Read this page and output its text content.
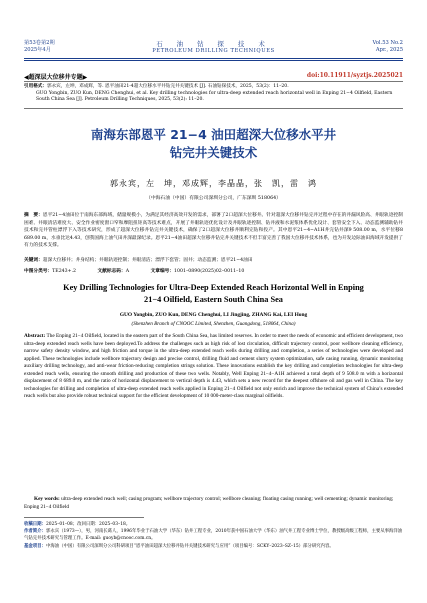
第53卷第2期
2025年4月
石 油 钻 探 技 术
PETROLEUM DRILLING TECHNIQUES
Vol.53 No.2
Apr., 2025
◀超深层大位移井专题▶	doi:10.11911/syztjs.2025021
引用格式：郭永宾，左坤，邓成辉，等. 恩平油田21-4超大位移水平井钻完井关键技术 [J]. 石油钻探技术，2025，53(2)：11–20.
GUO Yongbin, ZUO Kun, DENG Chenghui, et al. Key drilling technologies for ultra-deep extended reach horizontal well in Enping 21−4 Oilfield, Eastern South China Sea [J]. Petroleum Drilling Techniques, 2025, 53(2): 11–20.
南海东部恩平 21−4 油田超深大位移水平井
钻完井关键技术
郭永宾，左　坤，邓成辉，李晶晶，张　凯，雷　鸿
（中海石油（中国）有限公司深圳分公司，广东深圳 518064）
摘　要：恩平21−4油田位于南海东部海域，储量规模小，为满足其经济高效开发的需求，部署了2口超深大位移井。针对超深大位移井钻完井过程中存在的井漏风险高、井眼轨迹控制困难、井眼清洁难度大、安全作业密度窗口窄和摩阻扭矩高等技术难点，开展了井眼轨迹优化设计及井眼轨迹控制、钻井液和水泥浆体系优化设计、套管安全下入、动态监测辅助钻井技术和完井管柱漂浮下入等技术研究，形成了超深大位移井钻完井关键技术，确保了2口超深大位移井顺利完钻和投产。其中恩平21−4−A1H井完钻井深9 508.00 m，水平位移8 689.00 m，水垂比达4.43，创我国海上油气田井深最深纪录。恩平21−4油田超深大位移井钻完井关键技术不但丰富完善了我国大位移井技术体系，也为开发边际油田海域开发提供了有力的技术支撑。
关键词：超深大位移井；井身结构；井眼轨迹控制；井眼清洁；漂浮下套管；固井；动态监测；恩平21−4油田
中图分类号：TE243+.2	文献标志码：A	文章编号：1001–0890(2025)02–0011–10
Key Drilling Technologies for Ultra-Deep Extended Reach Horizontal Well in Enping
21−4 Oilfield, Eastern South China Sea
GUO Yongbin, ZUO Kun, DENG Chenghui, LI Jingjing, ZHANG Kai, LEI Hong
(Shenzhen Branch of CNOOC Limited, Shenzhen, Guangdong, 518064, China)
Abstract: The Enping 21−4 Oilfield, located in the eastern part of the South China Sea, has limited reserves. In order to meet the needs of economic and efficient development, two ultra-deep extended reach wells have been deployed.To address the challenges such as high risk of lost circulation, difficult trajectory control, poor wellbore cleaning efficiency, narrow safety density window, and high friction and torque in the ultra-deep extended reach wells during drilling and completion, a series of technologies were developed and applied. These technologies include wellbore trajectory design and precise control, drilling fluid and cement slurry system optimization, safe casing running, dynamic monitoring auxiliary drilling technology, and anti-wear friction-reducing completion strings solution. These innovations establish the key drilling and completion technologies for ultra-deep extended reach wells, ensuring the smooth drilling and production of these two wells. Notably, Well Enping 21−4−A1H achieved a total depth of 9 508.0 m with a horizontal displacement of 8 689.0 m, and the ratio of horizontal displacement to vertical depth is 4.43, which sets a new record for the deepest offshore oil and gas well in China. The key technologies for drilling and completion of ultra-deep extended reach wells applied in Enping 21−4 Oilfield not only enrich and improve the technical system of China’s extended reach wells but also provide robust technical support for the efficient development of 10 000-meter-class marginal oilfields.
Key words: ultra-deep extended reach well; casing program; wellbore trajectory control; wellbore cleaning; floating casing running; well cementing; dynamic monitoring; Enping 21−4 Oilfield
收稿日期：2025–01–08；改回日期：2025–03–18。
作者简介：郭永宾（1973—），男，河南长葛人，1996年毕业于石油大学（华东）钻井工程专业，2010年获中国石油大学（华东）油气井工程专业博士学位，教授级高级工程师，主要从事海洋油气钻完井技术研究与管理工作。E-mail: guoyb@cnooc.com.cn。
基金项目：中海油（中国）有限公司深圳分公司科研项目“恩平油田超深大位移井钻井关键技术研究与应用”（项目编号：SCKY–2023–SZ–15）部分研究内容。
